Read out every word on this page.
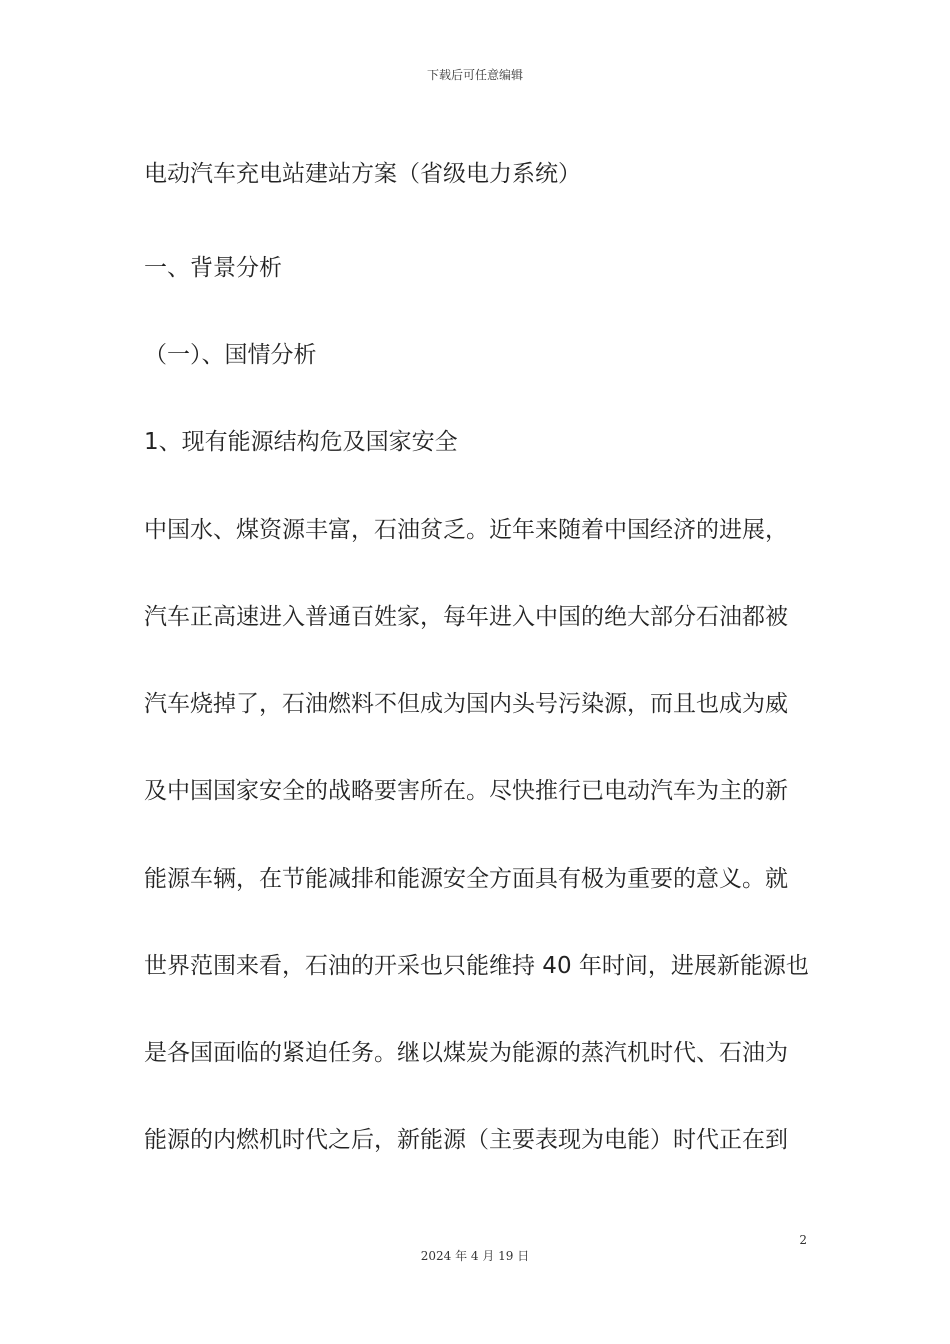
下载后可任意编辑
电动汽车充电站建站方案（省级电力系统）
一、背景分析
（一）、国情分析
1、现有能源结构危及国家安全
中国水、煤资源丰富，石油贫乏。近年来随着中国经济的进展，
汽车正高速进入普通百姓家，每年进入中国的绝大部分石油都被
汽车烧掉了，石油燃料不但成为国内头号污染源，而且也成为威
及中国国家安全的战略要害所在。尽快推行已电动汽车为主的新
能源车辆，在节能减排和能源安全方面具有极为重要的意义。就
世界范围来看，石油的开采也只能维持 40 年时间，进展新能源也
是各国面临的紧迫任务。继以煤炭为能源的蒸汽机时代、石油为
能源的内燃机时代之后，新能源（主要表现为电能）时代正在到
2
2024 年 4 月 19 日
